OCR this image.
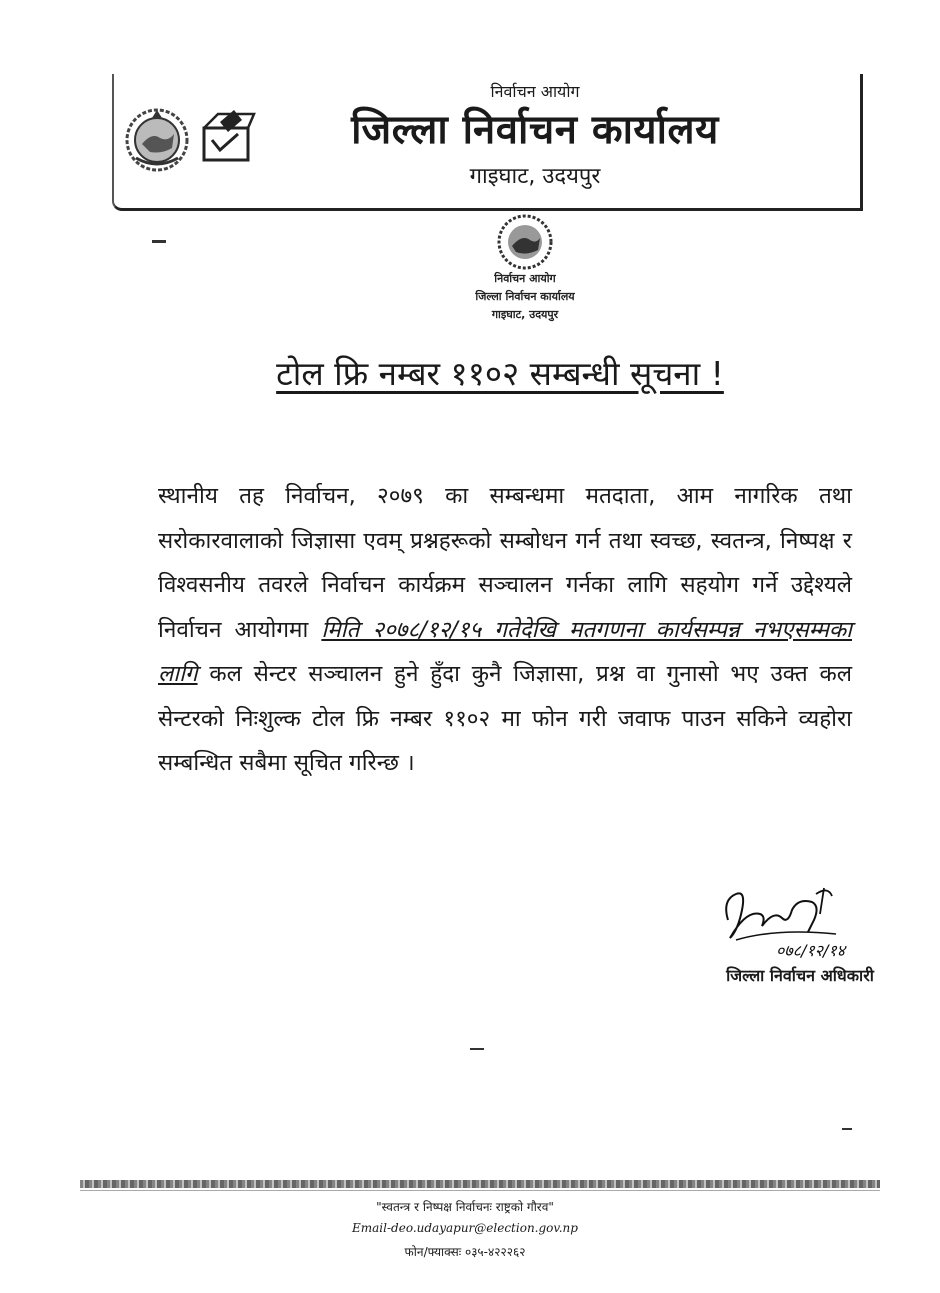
निर्वाचन आयोग
जिल्ला निर्वाचन कार्यालय
गाइघाट, उदयपुर
निर्वाचन आयोग
जिल्ला निर्वाचन कार्यालय
गाइघाट, उदयपुर
टोल फ्रि नम्बर ११०२ सम्बन्धी सूचना !
स्थानीय तह निर्वाचन, २०७९ का सम्बन्धमा मतदाता, आम नागरिक तथा सरोकारवालाको जिज्ञासा एवम् प्रश्नहरूको सम्बोधन गर्न तथा स्वच्छ, स्वतन्त्र, निष्पक्ष र विश्वसनीय तवरले निर्वाचन कार्यक्रम सञ्चालन गर्नका लागि सहयोग गर्ने उद्देश्यले निर्वाचन आयोगमा मिति २०७८/१२/१५ गतेदेखि मतगणना कार्यसम्पन्न नभएसम्मका लागि कल सेन्टर सञ्चालन हुने हुँदा कुनै जिज्ञासा, प्रश्न वा गुनासो भए उक्त कल सेन्टरको निःशुल्क टोल फ्रि नम्बर ११०२ मा फोन गरी जवाफ पाउन सकिने व्यहोरा सम्बन्धित सबैमा सूचित गरिन्छ ।
०७८/१२/१४
जिल्ला निर्वाचन अधिकारी
"स्वतन्त्र र निष्पक्ष निर्वाचनः राष्ट्रको गौरव"
Email-deo.udayapur@election.gov.np
फोन/फ्याक्सः ०३५-४२२२६२
